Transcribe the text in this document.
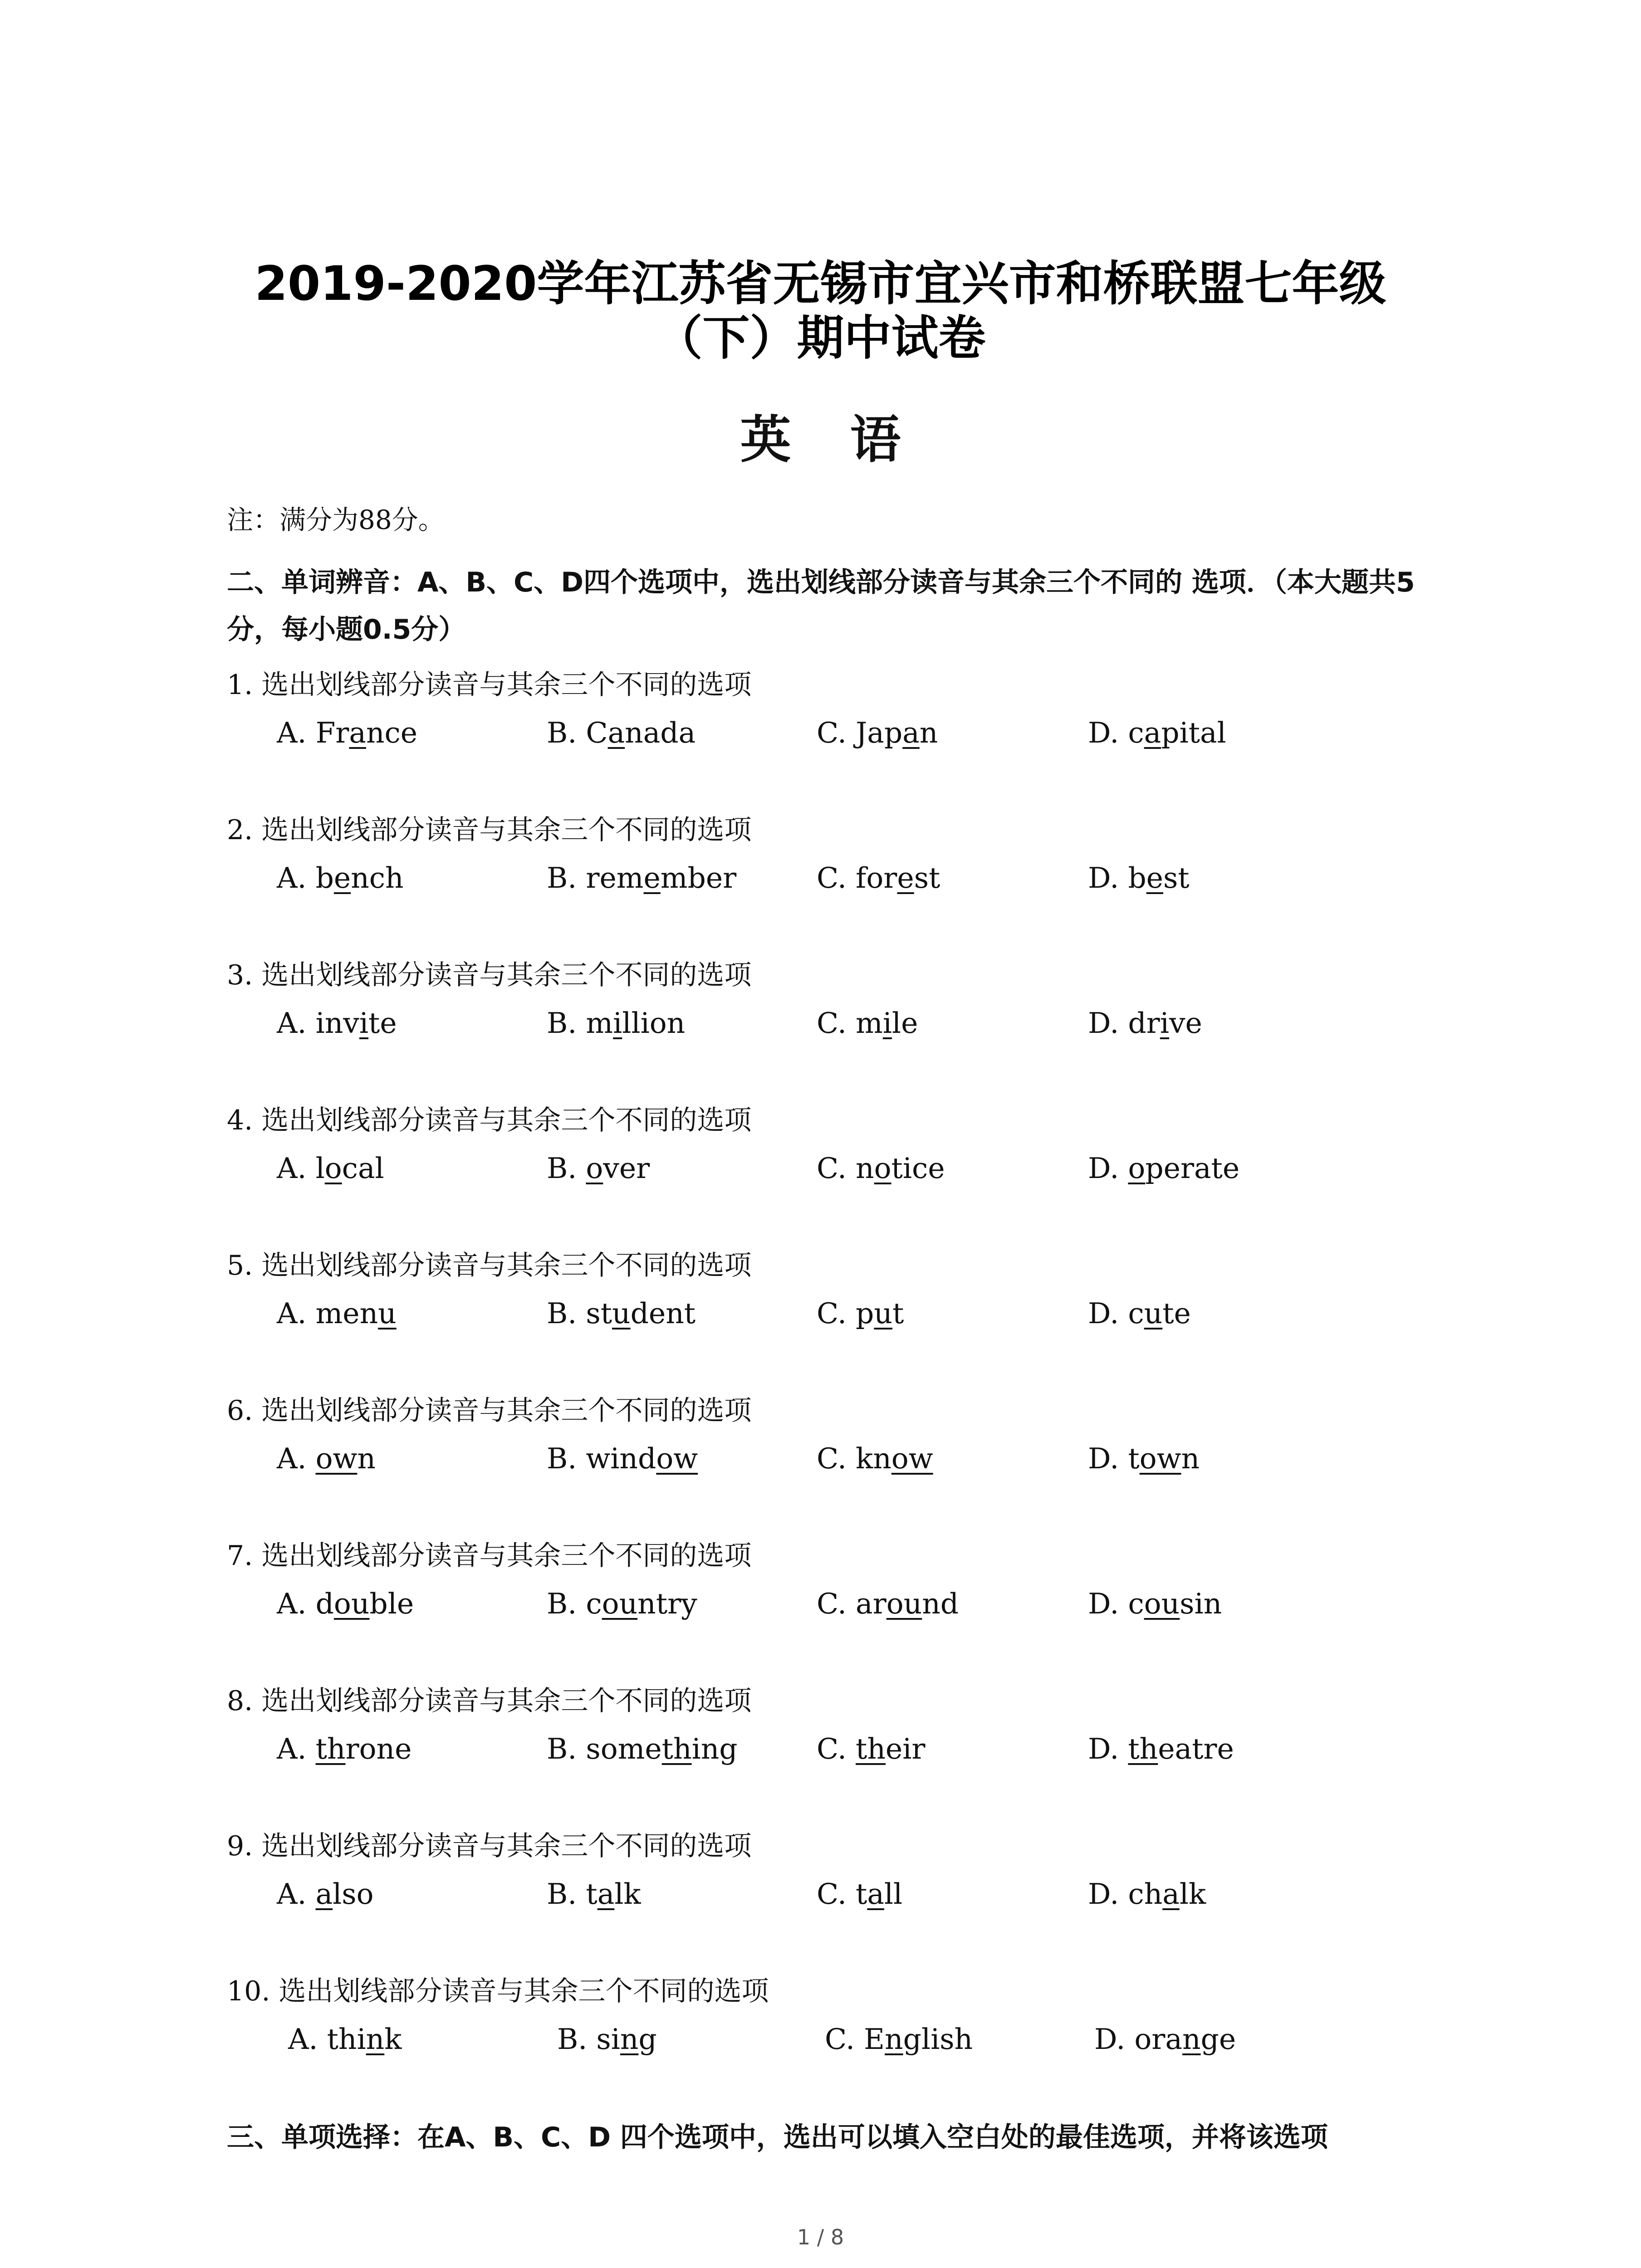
2019-2020学年江苏省无锡市宜兴市和桥联盟七年级
（下）期中试卷
英语
注：满分为88分。
二、单词辨音：A、B、C、D四个选项中，选出划线部分读音与其余三个不同的 选项．（本大题共5分，每小题0.5分）
1. 选出划线部分读音与其余三个不同的选项
A. France	B. Canada	C. Japan	D. capital
2. 选出划线部分读音与其余三个不同的选项
A. bench	B. remember	C. forest	D. best
3. 选出划线部分读音与其余三个不同的选项
A. invite	B. million	C. mile	D. drive
4. 选出划线部分读音与其余三个不同的选项
A. local	B. over	C. notice	D. operate
5. 选出划线部分读音与其余三个不同的选项
A. menu	B. student	C. put	D. cute
6. 选出划线部分读音与其余三个不同的选项
A. own	B. window	C. know	D. town
7. 选出划线部分读音与其余三个不同的选项
A. double	B. country	C. around	D. cousin
8. 选出划线部分读音与其余三个不同的选项
A. throne	B. something	C. their	D. theatre
9. 选出划线部分读音与其余三个不同的选项
A. also	B. talk	C. tall	D. chalk
10. 选出划线部分读音与其余三个不同的选项
A. think	B. sing	C. English	D. orange
三、单项选择：在A、B、C、D 四个选项中，选出可以填入空白处的最佳选项，并将该选项
1 / 8
